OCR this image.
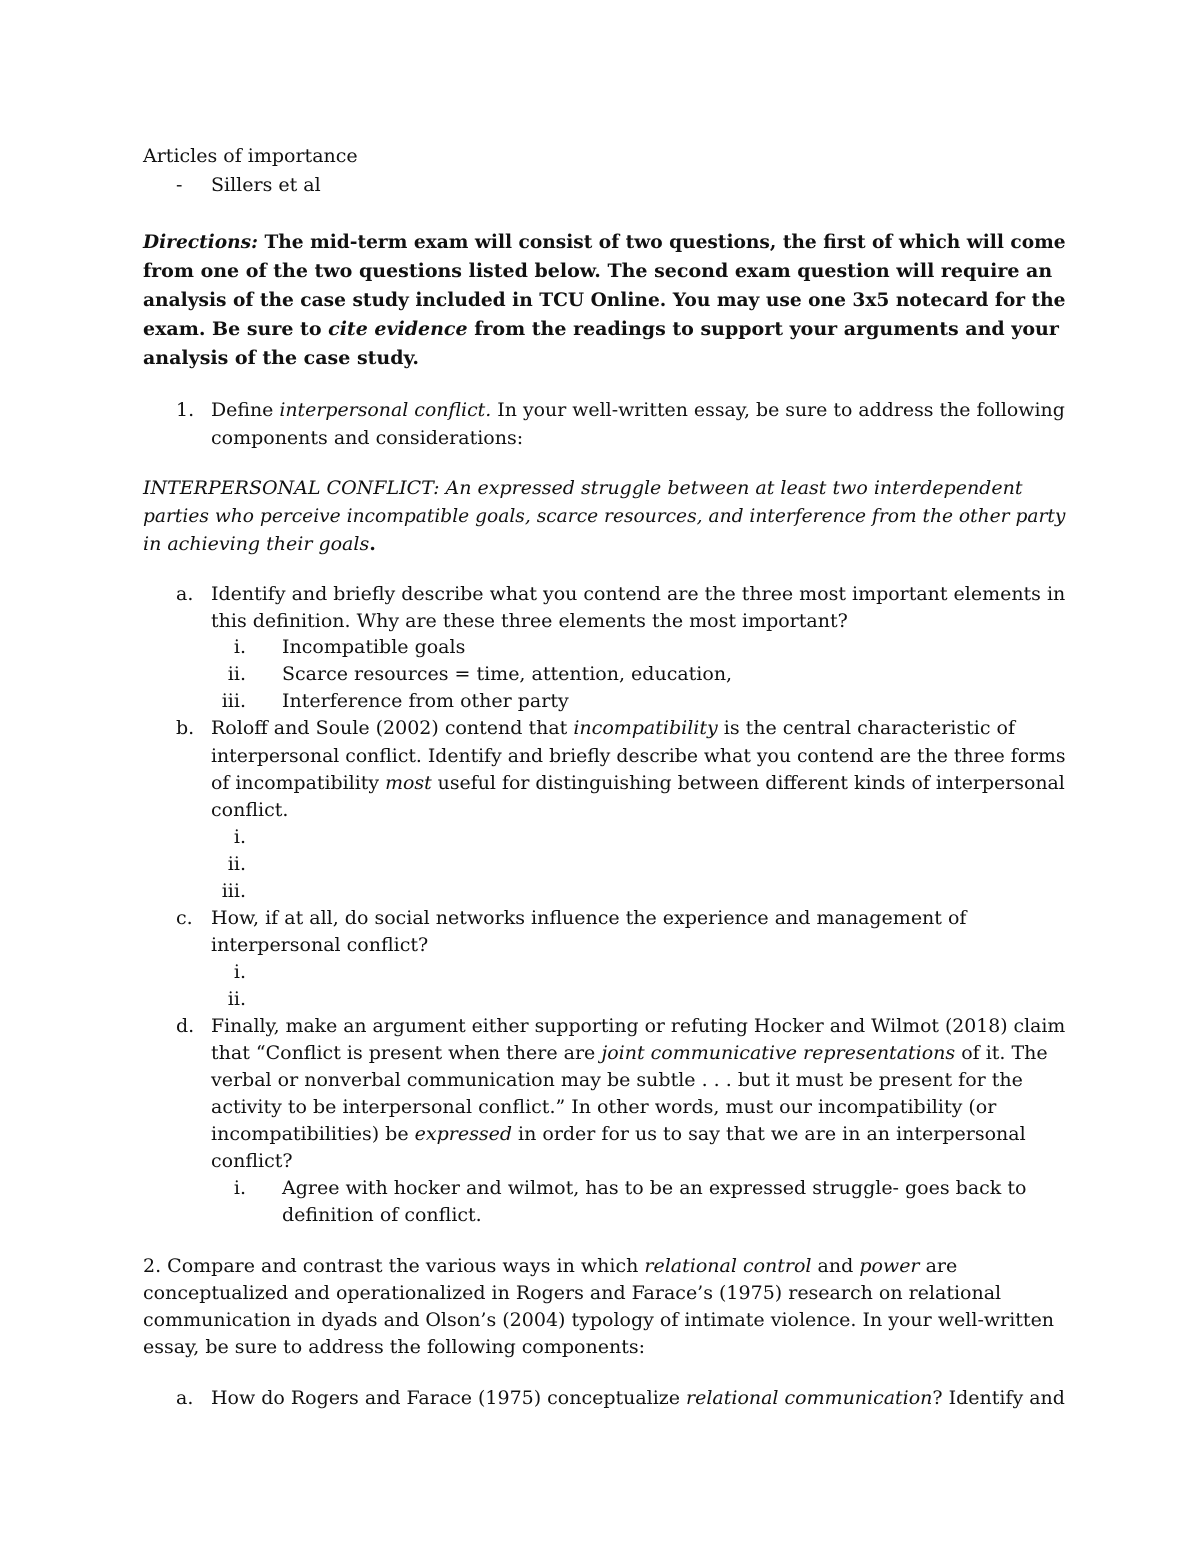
Articles of importance
- Sillers et al
Directions: The mid-term exam will consist of two questions, the first of which will come
from one of the two questions listed below. The second exam question will require an
analysis of the case study included in TCU Online. You may use one 3x5 notecard for the
exam. Be sure to cite evidence from the readings to support your arguments and your
analysis of the case study.
1. Define interpersonal conflict. In your well-written essay, be sure to address the following
components and considerations:
INTERPERSONAL CONFLICT: An expressed struggle between at least two interdependent
parties who perceive incompatible goals, scarce resources, and interference from the other party
in achieving their goals.
a. Identify and briefly describe what you contend are the three most important elements in
this definition. Why are these three elements the most important?
i. Incompatible goals
ii. Scarce resources = time, attention, education,
iii. Interference from other party
b. Roloff and Soule (2002) contend that incompatibility is the central characteristic of
interpersonal conflict. Identify and briefly describe what you contend are the three forms
of incompatibility most useful for distinguishing between different kinds of interpersonal
conflict.
i.
ii.
iii.
c. How, if at all, do social networks influence the experience and management of
interpersonal conflict?
i.
ii.
d. Finally, make an argument either supporting or refuting Hocker and Wilmot (2018) claim
that “Conflict is present when there are joint communicative representations of it. The
verbal or nonverbal communication may be subtle . . . but it must be present for the
activity to be interpersonal conflict.” In other words, must our incompatibility (or
incompatibilities) be expressed in order for us to say that we are in an interpersonal
conflict?
i. Agree with hocker and wilmot, has to be an expressed struggle- goes back to
definition of conflict.
2. Compare and contrast the various ways in which relational control and power are
conceptualized and operationalized in Rogers and Farace’s (1975) research on relational
communication in dyads and Olson’s (2004) typology of intimate violence. In your well-written
essay, be sure to address the following components:
a. How do Rogers and Farace (1975) conceptualize relational communication? Identify and
